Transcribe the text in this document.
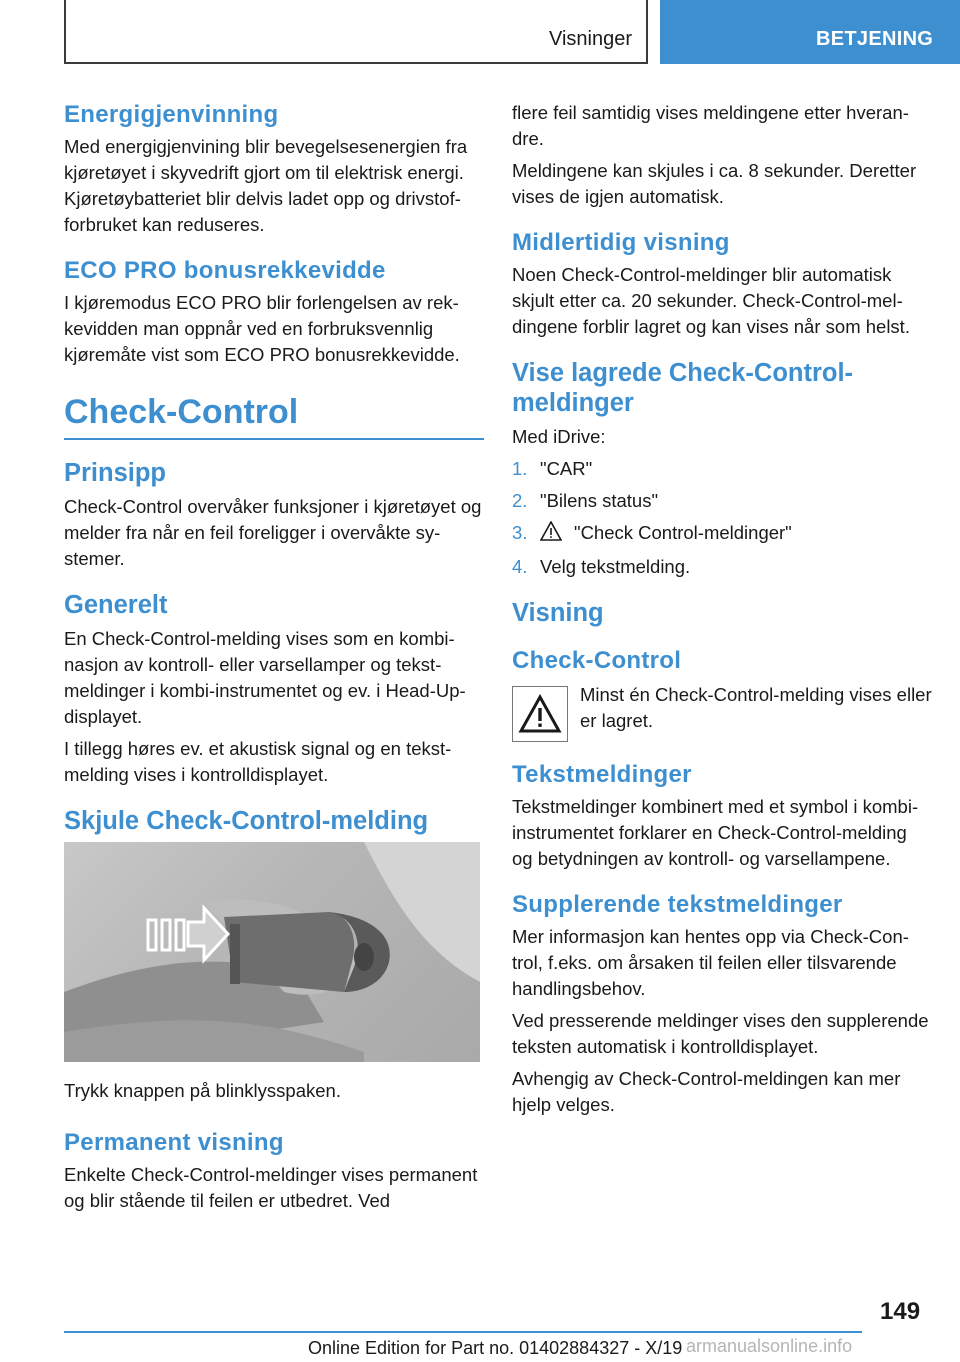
Visninger	BETJENING
Energigjenvinning

Med energigjenvining blir bevegelsesenergien fra kjøretøyet i skyvedrift gjort om til elektrisk energi. Kjøretøybatteriet blir delvis ladet opp og drivstofforbruket kan reduseres.

ECO PRO bonusrekkevidde

I kjøremodus ECO PRO blir forlengelsen av rekkevidden man oppnår ved en forbruksvennlig kjøremåte vist som ECO PRO bonusrekkevidde.

Check-Control
Prinsipp

Check-Control overvåker funksjoner i kjøretøyet og melder fra når en feil foreligger i overvåkte systemer.

Generelt

En Check-Control-melding vises som en kombinasjon av kontroll- eller varsellamper og tekstmeldinger i kombi-instrumentet og ev. i Head-Up-displayet.

I tillegg høres ev. et akustisk signal og en tekstmelding vises i kontrolldisplayet.

Skjule Check-Control-melding

Trykk knappen på blinklysspaken.

Permanent visning

Enkelte Check-Control-meldinger vises permanent og blir stående til feilen er utbedret. Ved

flere feil samtidig vises meldingene etter hverandre.

Meldingene kan skjules i ca. 8 sekunder. Deretter vises de igjen automatisk.

Midlertidig visning

Noen Check-Control-meldinger blir automatisk skjult etter ca. 20 sekunder. Check-Control-meldingene forblir lagret og kan vises når som helst.

Vise lagrede Check-Control-meldinger

Med iDrive:

1. "CAR"
2. "Bilens status"
3.	"Check Control-meldinger"
4. Velg tekstmelding.
Visning
Check-Control

Minst én Check-Control-melding vises eller er lagret.

Tekstmeldinger

Tekstmeldinger kombinert med et symbol i kombi-instrumentet forklarer en Check-Control-melding og betydningen av kontroll- og varsellampene.

Supplerende tekstmeldinger

Mer informasjon kan hentes opp via Check-Control, f.eks. om årsaken til feilen eller tilsvarende handlingsbehov.

Ved presserende meldinger vises den supplerende teksten automatisk i kontrolldisplayet.

Avhengig av Check-Control-meldingen kan mer hjelp velges.

149
Online Edition for Part no. 01402884327 - X/19 armanualsonline.info
